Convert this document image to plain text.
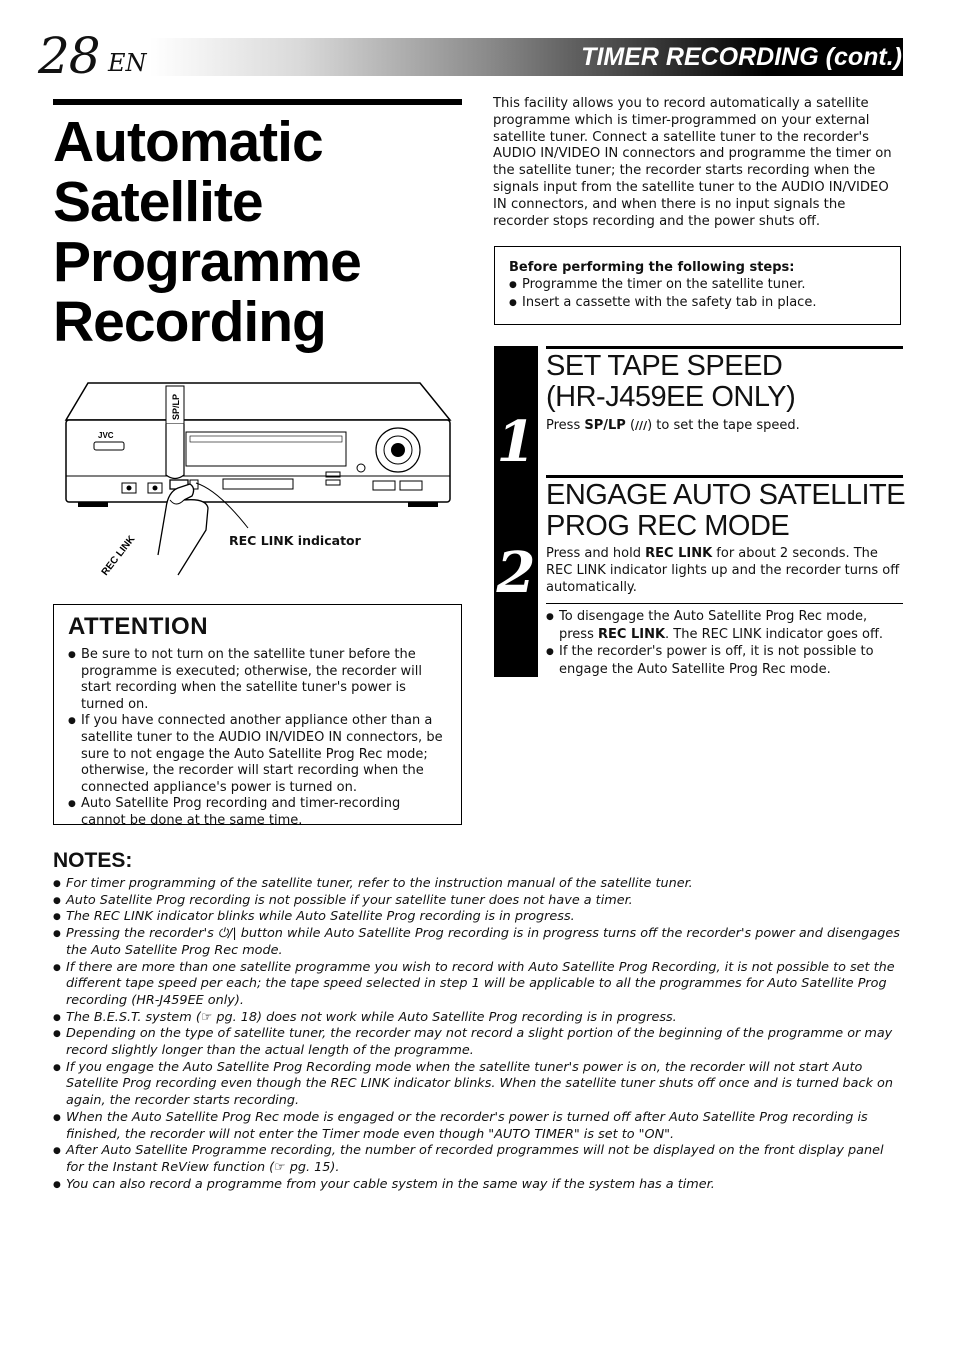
28 EN	TIMER RECORDING (cont.)
Automatic
Satellite
Programme
Recording

This facility allows you to record automatically a satellite programme which is timer-programmed on your external satellite tuner. Connect a satellite tuner to the recorder's AUDIO IN/VIDEO IN connectors and programme the timer on the satellite tuner; the recorder starts recording when the signals input from the satellite tuner to the AUDIO IN/VIDEO IN connectors, and when there is no input signals the recorder stops recording and the power shuts off.

Before performing the following steps:
● Programme the timer on the satellite tuner.
● Insert a cassette with the safety tab in place.
1
2
SET TAPE SPEED
(HR-J459EE ONLY)

Press SP/LP (∕∕∕) to set the tape speed.

ENGAGE AUTO SATELLITE
PROG REC MODE

Press and hold REC LINK for about 2 seconds. The REC LINK indicator lights up and the recorder turns off automatically.

● To disengage the Auto Satellite Prog Rec mode, press REC LINK. The REC LINK indicator goes off.
● If the recorder's power is off, it is not possible to engage the Auto Satellite Prog Rec mode.
JVC
SP/LP
REC LINK	REC LINK indicator
ATTENTION
● Be sure to not turn on the satellite tuner before the programme is executed; otherwise, the recorder will start recording when the satellite tuner's power is turned on.
● If you have connected another appliance other than a satellite tuner to the AUDIO IN/VIDEO IN connectors, be sure to not engage the Auto Satellite Prog Rec mode; otherwise, the recorder will start recording when the connected appliance's power is turned on.
● Auto Satellite Prog recording and timer-recording cannot be done at the same time.
NOTES:
● For timer programming of the satellite tuner, refer to the instruction manual of the satellite tuner.
● Auto Satellite Prog recording is not possible if your satellite tuner does not have a timer.
● The REC LINK indicator blinks while Auto Satellite Prog recording is in progress.
● Pressing the recorder's ⏻/| button while Auto Satellite Prog recording is in progress turns off the recorder's power and disengages the Auto Satellite Prog Rec mode.
● If there are more than one satellite programme you wish to record with Auto Satellite Prog Recording, it is not possible to set the different tape speed per each; the tape speed selected in step 1 will be applicable to all the programmes for Auto Satellite Prog recording (HR-J459EE only).
● The B.E.S.T. system (☞ pg. 18) does not work while Auto Satellite Prog recording is in progress.
● Depending on the type of satellite tuner, the recorder may not record a slight portion of the beginning of the programme or may record slightly longer than the actual length of the programme.
● If you engage the Auto Satellite Prog Recording mode when the satellite tuner's power is on, the recorder will not start Auto Satellite Prog recording even though the REC LINK indicator blinks. When the satellite tuner shuts off once and is turned back on again, the recorder starts recording.
● When the Auto Satellite Prog Rec mode is engaged or the recorder's power is turned off after Auto Satellite Prog recording is finished, the recorder will not enter the Timer mode even though "AUTO TIMER" is set to "ON".
● After Auto Satellite Programme recording, the number of recorded programmes will not be displayed on the front display panel for the Instant ReView function (☞ pg. 15).
● You can also record a programme from your cable system in the same way if the system has a timer.
